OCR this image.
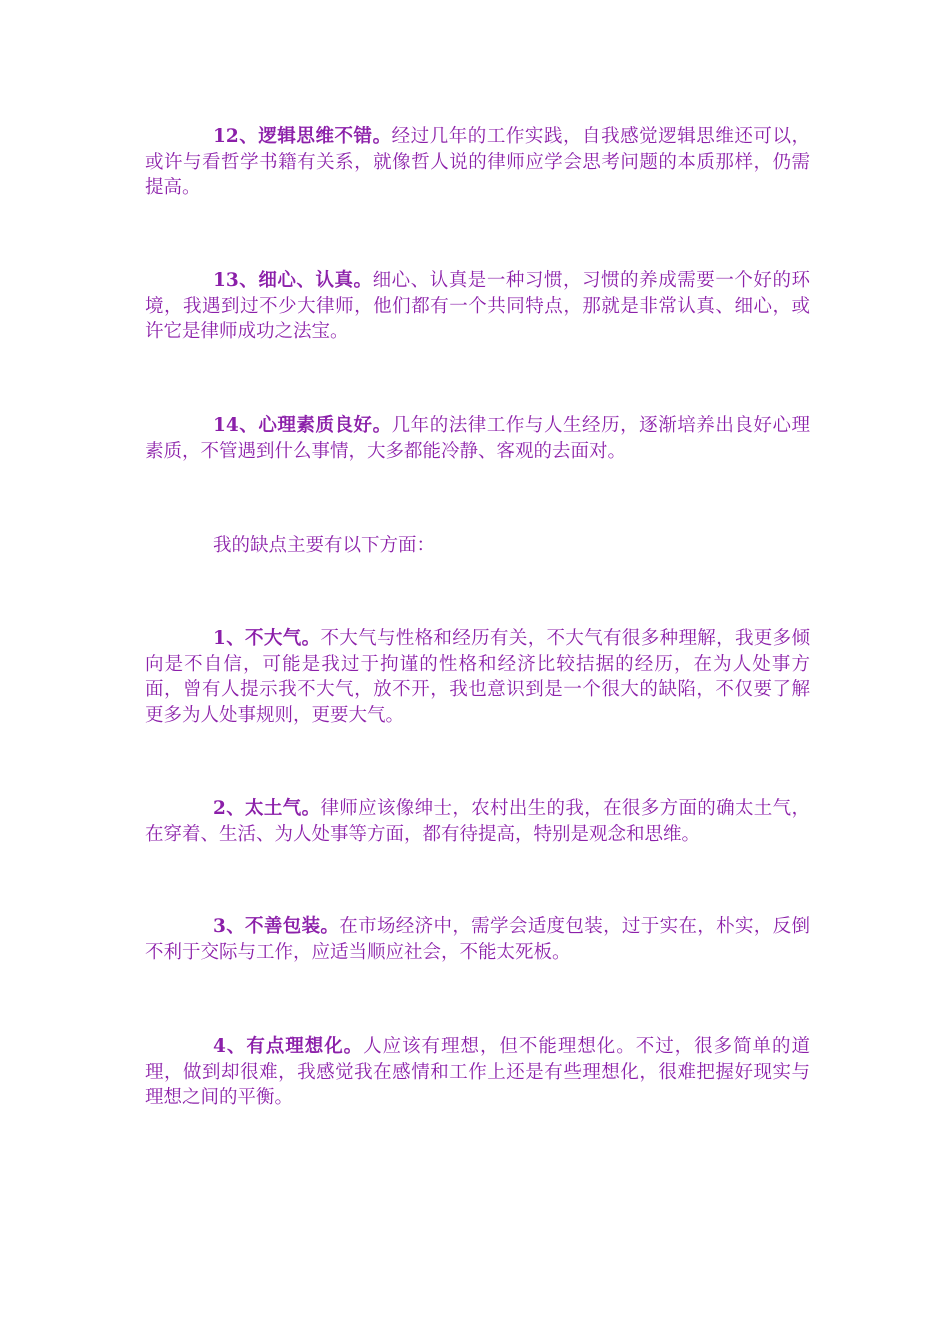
12、逻辑思维不错。经过几年的工作实践，自我感觉逻辑思维还可以，或许与看哲学书籍有关系，就像哲人说的律师应学会思考问题的本质那样，仍需提高。

13、细心、认真。细心、认真是一种习惯，习惯的养成需要一个好的环境，我遇到过不少大律师，他们都有一个共同特点，那就是非常认真、细心，或许它是律师成功之法宝。

14、心理素质良好。几年的法律工作与人生经历，逐渐培养出良好心理素质，不管遇到什么事情，大多都能冷静、客观的去面对。

我的缺点主要有以下方面：

1、不大气。不大气与性格和经历有关，不大气有很多种理解，我更多倾向是不自信，可能是我过于拘谨的性格和经济比较拮据的经历，在为人处事方面，曾有人提示我不大气，放不开，我也意识到是一个很大的缺陷，不仅要了解更多为人处事规则，更要大气。

2、太土气。律师应该像绅士，农村出生的我，在很多方面的确太土气，在穿着、生活、为人处事等方面，都有待提高，特别是观念和思维。

3、不善包装。在市场经济中，需学会适度包装，过于实在，朴实，反倒不利于交际与工作，应适当顺应社会，不能太死板。

4、有点理想化。人应该有理想，但不能理想化。不过，很多简单的道理，做到却很难，我感觉我在感情和工作上还是有些理想化，很难把握好现实与理想之间的平衡。
